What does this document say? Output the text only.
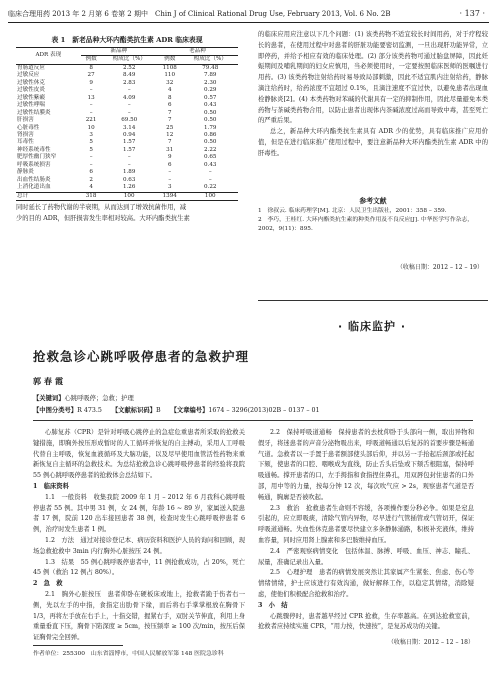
临床合理用药 2013 年 2 月第 6 卷第 2 期中　Chin J of Clinical Rational Drug Use, February 2013, Vol. 6 No. 2B	· 137 ·
表 1　新老品种大环内酯类抗生素 ADR 临床表现
ADR 表现	新品种		老品种	
	例数	构成比（%）	例数	构成比（%）
胃肠道反应	8	2.52	1108	79.48
过敏反应	27	8.49	110	7.89
过敏性休克	9	2.83	32	2.30
过敏性皮炎	–	–	4	0.29
过敏性紫癜	13	4.09	8	0.57
过敏性哮喘	–	–	6	0.43
过敏性结膜炎	–	–	7	0.50
肝损害	221	69.50	7	0.50
心脏毒性	10	3.14	25	1.79
肾损害	3	0.94	12	0.86
耳毒性	5	1.57	7	0.50
神经系统毒性	5	1.57	31	2.22
肥厚性幽门狭窄	–	–	9	0.65
呼吸系统损害	–	–	6	0.43
静脉炎	6	1.89	–	–
出血性结肠炎	2	0.63	–	–
上消化道出血	4	1.26	3	0.22
总计	318	100	1394	100
同时延长了药物代谢的半衰期，从而达到了增效抗菌作用，减
少的目的 ADR，但肝损害发生率相对较高。大环内酯类抗生素
的临床应用应注意以下几个问题：(1) 该类药物不适宜较长时间用药，对于疗程较长的患者，在使用过程中对患者的肝脏功能要密切监测，一旦出现肝功能异常，立即停药，并给予相应有效的临床处理。(2) 部分该类药物可通过胎盘屏障，因此妊娠期间及哺乳期间的妇女应慎用，当必须使用时，一定要按照临床医师的医嘱进行用药。(3) 该类药物注射给药时易导致局部刺激，因此不适宜肌内注射给药，静脉滴注给药时，给药浓度不宜超过 0.1%，且滴注速度不宜过快，以避免患者出现血栓静脉炎[2]。(4) 本类药物对苯碱的代谢具有一定的抑制作用，因此尽量避免本类药物与茶碱类药物合用，以防止患者出现体内茶碱浓度过高而导致中毒，甚至死亡的严重后果。
总之，新品种大环内酯类抗生素具有 ADR 少的优势，具有临床推广应用价值，但是在进行临床推广使用过程中，要注意新品种大环内酯类抗生素 ADR 中的肝毒性。
参考文献
1　徐叔云. 临床药理学[M]. 北京：人民卫生出版社，2001：358 – 359.
2　李巧，王桂红. 大环内酯类抗生素的种类作用及不良反应[J]. 中华医学写作杂志，2002，9(11)：895.
（收稿日期：2012 – 12 – 19）
· 临床监护 ·
抢救急诊心跳呼吸停患者的急救护理
郭春霞
【关键词】心跳呼吸停；急救；护理
【中图分类号】R 473.5 【文献标识码】B 【文章编号】1674 – 3296(2013)02B – 0137 – 01
心肺复苏（CPR）是针对呼吸心跳停止的急症危重患者所采取的抢救关键措施，即胸外按压形成暂时的人工循环并恢复的自主搏动，采用人工呼吸代替自主呼吸，恢复血液循环及大脑功能，以及尽早使用血管活性药物来重新恢复自主循环的急救技术。为总结抢救急诊心跳呼吸停患者的经验将我院 55 例心跳呼吸停患者的抢救体会总结如下。
1　临床资料
1.1　一般资料　收集我院 2009 年 1 月 – 2012 年 6 月我科心跳呼吸停患者 55 例。其中男 31 例，女 24 例，年龄 16 ~ 89 岁，家属送入院患者 17 例，院前 120 出车接回患者 38 例，检查时发生心跳呼吸停患者 6 例，治疗时发生患者 1 例。
1.2　方法　通过对接诊登记本、病历资料和医护人员的询问和回顾，现场急救抢救中 3min 内行胸外心脏按压 24 例。
1.3　结果　55 例心跳呼吸停患者中，11 例抢救成功，占 20%，死亡 45 例（救治 12 例占 80%）。
2　急　救
2.1　胸外心脏按压　患者仰卧在硬板床或地上，抢救者跪于伤者右一侧，先以左手的中指，食指定出肋骨下缘，而后将右手掌掌根放在胸骨下 1/3，再将左手放在右手上，十指交错，握紧右手，双肘关节伸直，利用上身重量垂直下压，胸骨下陷深度 ≥ 5cm，按压频率 ≥ 100 次/min，按压后保证胸骨完全回弹。
作者单位：255300　山东省淄博市，中国人民解放军第 148 医院急诊科
2.2　保持呼吸道通畅　保持患者的去枕仰卧于头部向一侧，取出异物和假牙，将迷患者的声音分泌物吸出来，呼吸道畅通以后复苏的首要步骤是畅通气道。急救者以一手置于患者额部使头部后仰，并以另一手抬起后颈部或托起下颏，使患者的口腔、咽喉成为直线，防止舌头后坠或下颏舌根阻塞，保持呼吸通畅。撑开患者的口，左手拇指和食指捏住鼻孔，用双唇包封住患者的口外部，用中等的力量，按每分钟 12 次，每次吹气应 > 2s，观察患者气道是否畅通，胸廓是否被吹起。
2.3　救治　抢救患者生命则不容缓，各项操作要分秒必争。如果是窒息引起的，应立即吸痰，清除气管内异物，尽早进行气管插管或气管切开，保证呼吸道通畅。失血性休克患者要尽快建立多条静脉通路，积极补充液体，维持血容量，同时应用肾上腺素和多巴胺维持血压。
2.4　严密观察病情变化　包括体温、脉搏、呼吸、血压、神志、瞳孔、尿量，准确记录出入量。
2.5　心理护理　患者的病情发展突然让其家属产生紧张、焦虑、伤心等情绪情绪，护士应该进行有效沟通，做好解释工作，以稳定其情绪，消除疑虑，使他们积极配合抢救和治疗。
3　小　结
心跳骤停时，患者越早经过 CPR 抢救，生存率越高。在到达抢救室前，抢救者应持续实施 CPR，“用力按，快速按”，是复苏成功的关键。
（收稿日期：2012 – 12 – 18）
